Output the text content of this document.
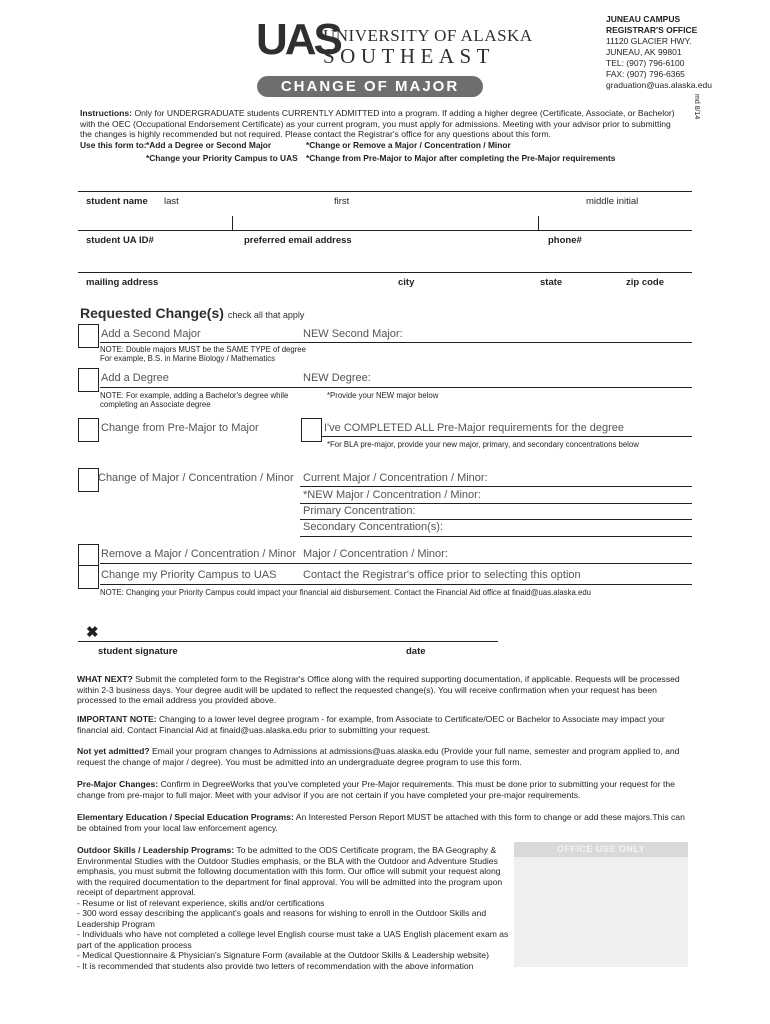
UAS
UNIVERSITY OF ALASKA
SOUTHEAST
JUNEAU CAMPUS
REGISTRAR'S OFFICE
11120 GLACIER HWY.
JUNEAU, AK 99801
TEL: (907) 796-6100
FAX: (907) 796-6365
graduation@uas.alaska.edu
CHANGE OF MAJOR
md 8/14
Instructions: Only for UNDERGRADUATE students CURRENTLY ADMITTED into a program. If adding a higher degree (Certificate, Associate, or Bachelor) with the OEC (Occupational Endorsement Certificate) as your current program, you must apply for admissions. Meeting with your advisor prior to submitting the changes is highly recommended but not required. Please contact the Registrar's office for any questions about this form.
Use this form to: *Add a Degree or Second Major	*Change or Remove a Major / Concentration / Minor
*Change your Priority Campus to UAS *Change from Pre-Major to Major after completing the Pre-Major requirements
student name last	first	middle initial
student UA ID#	preferred email address	phone#
mailing address	city	state	zip code
Requested Change(s) check all that apply
Add a Second Major	NEW Second Major:
NOTE: Double majors MUST be the SAME TYPE of degree
For example, B.S. in Marine Biology / Mathematics
Add a Degree	NEW Degree:
NOTE: For example, adding a Bachelor's degree while
completing an Associate degree
*Provide your NEW major below
Change from Pre-Major to Major	I've COMPLETED ALL Pre-Major requirements for the degree
*For BLA pre-major, provide your new major, primary, and secondary concentrations below
Change of Major / Concentration / Minor Current Major / Concentration / Minor:
*NEW Major / Concentration / Minor:
Primary Concentration:
Secondary Concentration(s):
Remove a Major / Concentration / Minor Major / Concentration / Minor:
Change my Priority Campus to UAS Contact the Registrar's office prior to selecting this option
NOTE: Changing your Priority Campus could impact your financial aid disbursement. Contact the Financial Aid office at finaid@uas.alaska.edu
✖
student signature	date
WHAT NEXT? Submit the completed form to the Registrar's Office along with the required supporting documentation, if applicable. Requests will be processed within 2-3 business days. Your degree audit will be updated to reflect the requested change(s). You will receive confirmation when your request has been processed to the email address you provided above.
IMPORTANT NOTE: Changing to a lower level degree program - for example, from Associate to Certificate/OEC or Bachelor to Associate may impact your financial aid. Contact Financial Aid at finaid@uas.alaska.edu prior to submitting your request.
Not yet admitted? Email your program changes to Admissions at admissions@uas.alaska.edu (Provide your full name, semester and program applied to, and request the change of major / degree). You must be admitted into an undergraduate degree program to use this form.
Pre-Major Changes: Confirm in DegreeWorks that you've completed your Pre-Major requirements. This must be done prior to submitting your request for the change from pre-major to full major. Meet with your advisor if you are not certain if you have completed your pre-major requirements.
Elementary Education / Special Education Programs: An Interested Person Report MUST be attached with this form to change or add these majors.This can be obtained from your local law enforcement agency.
Outdoor Skills / Leadership Programs: To be admitted to the ODS Certificate program, the BA Geography & Environmental Studies with the Outdoor Studies emphasis, or the BLA with the Outdoor and Adventure Studies emphasis, you must submit the following documentation with this form. Our office will submit your request along with the required documentation to the department for final approval. You will be admitted into the program upon receipt of department approval.
- Resume or list of relevant experience, skills and/or certifications
- 300 word essay describing the applicant's goals and reasons for wishing to enroll in the Outdoor Skills and Leadership Program
- Individuals who have not completed a college level English course must take a UAS English placement exam as part of the application process
- Medical Questionnaire & Physician's Signature Form (available at the Outdoor Skills & Leadership website)
- It is recommended that students also provide two letters of recommendation with the above information
OFFICE USE ONLY
